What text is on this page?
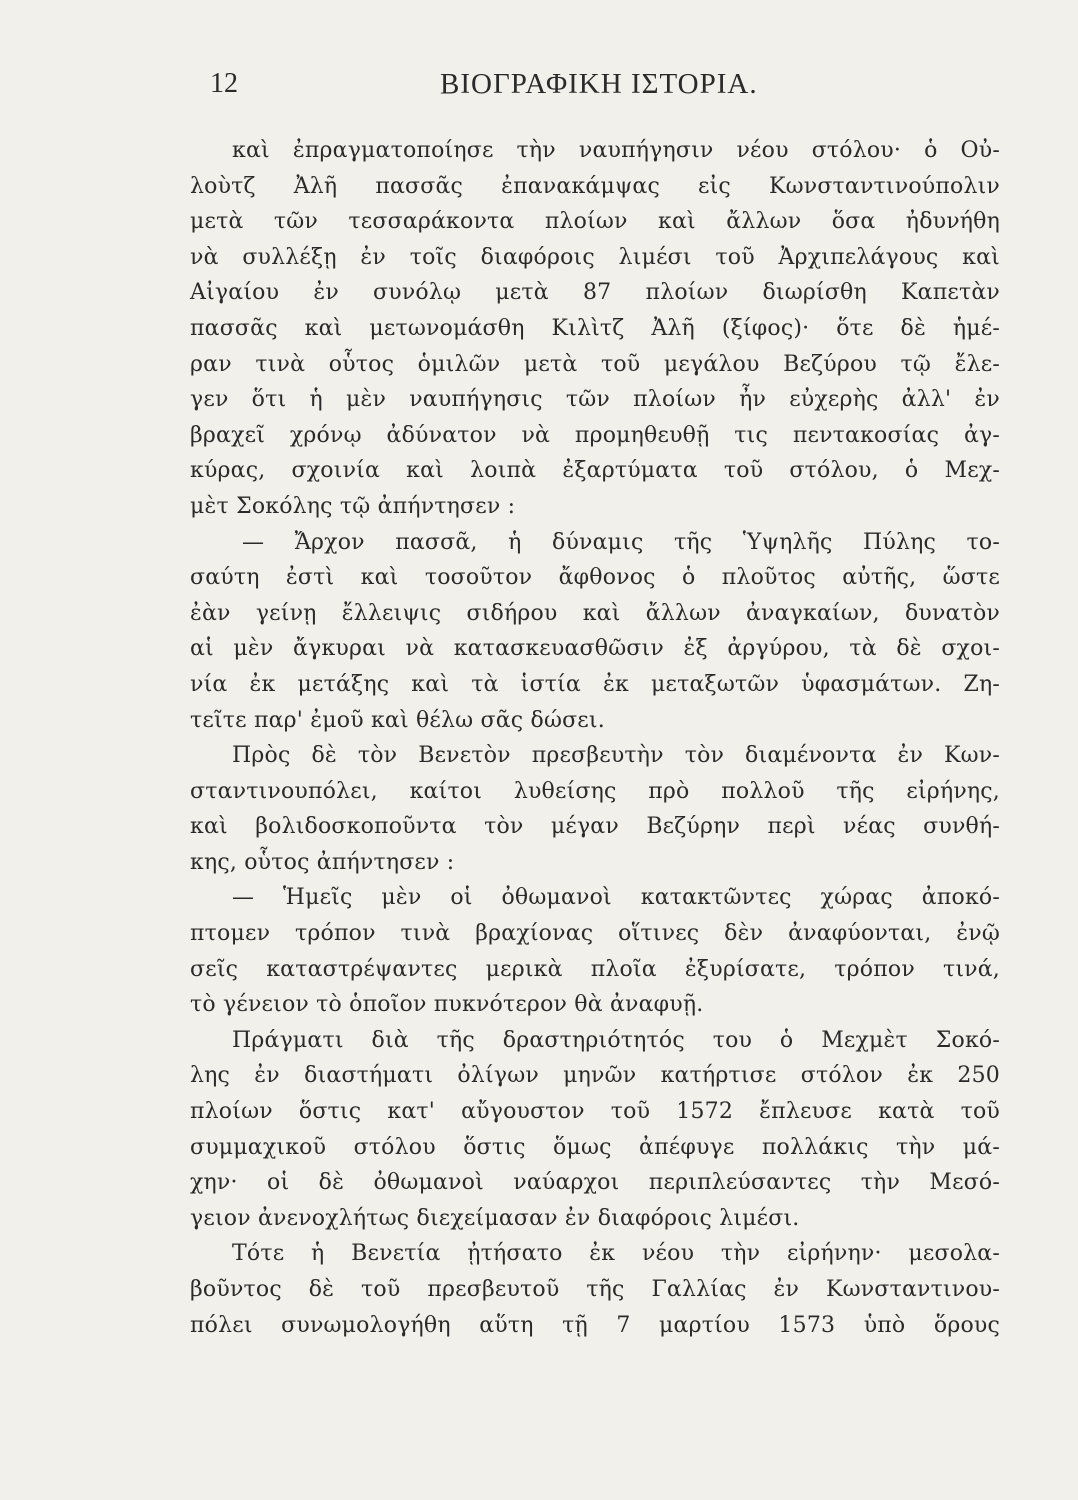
12	ΒΙΟΓΡΑΦΙΚΗ ΙΣΤΟΡΙΑ.
καὶ ἐπραγματοποίησε τὴν ναυπήγησιν νέου στόλου· ὁ Οὐ-
λοὺτζ Ἀλῆ πασσᾶς ἐπανακάμψας εἰς Κωνσταντινούπολιν
μετὰ τῶν τεσσαράκοντα πλοίων καὶ ἄλλων ὅσα ἠδυνήθη
νὰ συλλέξῃ ἐν τοῖς διαφόροις λιμέσι τοῦ Ἀρχιπελάγους καὶ
Αἰγαίου ἐν συνόλῳ μετὰ 87 πλοίων διωρίσθη Καπετὰν
πασσᾶς καὶ μετωνομάσθη Κιλὶτζ Ἀλῆ (ξίφος)· ὅτε δὲ ἡμέ-
ραν τινὰ οὗτος ὁμιλῶν μετὰ τοῦ μεγάλου Βεζύρου τῷ ἔλε-
γεν ὅτι ἡ μὲν ναυπήγησις τῶν πλοίων ἦν εὐχερὴς ἀλλ' ἐν
βραχεῖ χρόνῳ ἀδύνατον νὰ προμηθευθῇ τις πεντακοσίας ἀγ-
κύρας, σχοινία καὶ λοιπὰ ἐξαρτύματα τοῦ στόλου, ὁ Μεχ-
μὲτ Σοκόλης τῷ ἀπήντησεν :
— Ἄρχον πασσᾶ, ἡ δύναμις τῆς Ὑψηλῆς Πύλης το-
σαύτη ἐστὶ καὶ τοσοῦτον ἄφθονος ὁ πλοῦτος αὐτῆς, ὥστε
ἐὰν γείνῃ ἔλλειψις σιδήρου καὶ ἄλλων ἀναγκαίων, δυνατὸν
αἱ μὲν ἄγκυραι νὰ κατασκευασθῶσιν ἐξ ἀργύρου, τὰ δὲ σχοι-
νία ἐκ μετάξης καὶ τὰ ἱστία ἐκ μεταξωτῶν ὑφασμάτων. Ζη-
τεῖτε παρ' ἐμοῦ καὶ θέλω σᾶς δώσει.
Πρὸς δὲ τὸν Βενετὸν πρεσβευτὴν τὸν διαμένοντα ἐν Κων-
σταντινουπόλει, καίτοι λυθείσης πρὸ πολλοῦ τῆς εἰρήνης,
καὶ βολιδοσκοποῦντα τὸν μέγαν Βεζύρην περὶ νέας συνθή-
κης, οὗτος ἀπήντησεν :
— Ἡμεῖς μὲν οἱ ὀθωμανοὶ κατακτῶντες χώρας ἀποκό-
πτομεν τρόπον τινὰ βραχίονας οἵτινες δὲν ἀναφύονται, ἐνῷ
σεῖς καταστρέψαντες μερικὰ πλοῖα ἐξυρίσατε, τρόπον τινά,
τὸ γένειον τὸ ὁποῖον πυκνότερον θὰ ἀναφυῇ.
Πράγματι διὰ τῆς δραστηριότητός του ὁ Μεχμὲτ Σοκό-
λης ἐν διαστήματι ὀλίγων μηνῶν κατήρτισε στόλον ἐκ 250
πλοίων ὅστις κατ' αὔγουστον τοῦ 1572 ἔπλευσε κατὰ τοῦ
συμμαχικοῦ στόλου ὅστις ὅμως ἀπέφυγε πολλάκις τὴν μά-
χην· οἱ δὲ ὀθωμανοὶ ναύαρχοι περιπλεύσαντες τὴν Μεσό-
γειον ἀνενοχλήτως διεχείμασαν ἐν διαφόροις λιμέσι.
Τότε ἡ Βενετία ᾐτήσατο ἐκ νέου τὴν εἰρήνην· μεσολα-
βοῦντος δὲ τοῦ πρεσβευτοῦ τῆς Γαλλίας ἐν Κωνσταντινου-
πόλει συνωμολογήθη αὕτη τῇ 7 μαρτίου 1573 ὑπὸ ὅρους
